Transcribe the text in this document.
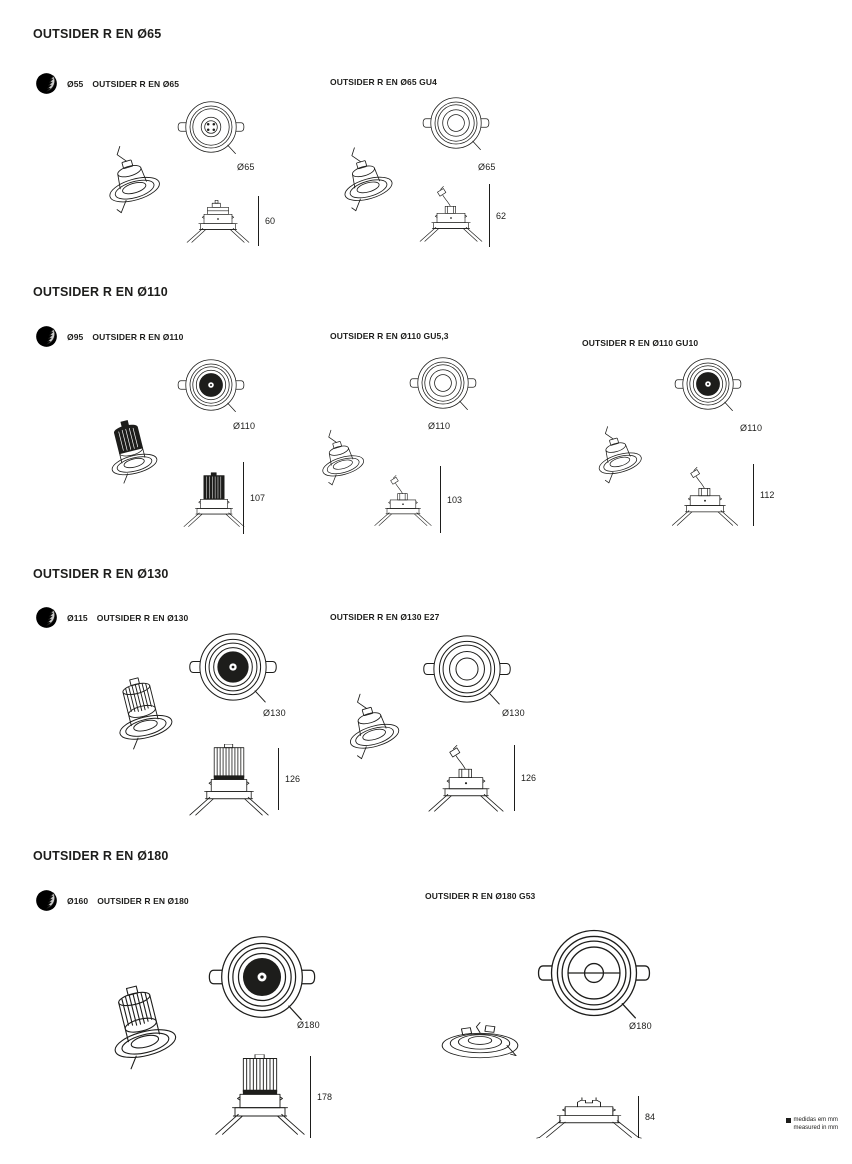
OUTSIDER R EN Ø65
Ø55 OUTSIDER R EN Ø65
Ø65
60
OUTSIDER R EN Ø65 GU4
Ø65
62
OUTSIDER R EN Ø110
Ø95 OUTSIDER R EN Ø110
Ø110
107
OUTSIDER R EN Ø110 GU5,3
Ø110
103
OUTSIDER R EN Ø110 GU10
Ø110
112
OUTSIDER R EN Ø130
Ø115 OUTSIDER R EN Ø130
Ø130
126
OUTSIDER R EN Ø130 E27
Ø130
126
OUTSIDER R EN Ø180
Ø160 OUTSIDER R EN Ø180
Ø180
178
OUTSIDER R EN Ø180 G53
Ø180
84	medidas em mm
measured in mm
